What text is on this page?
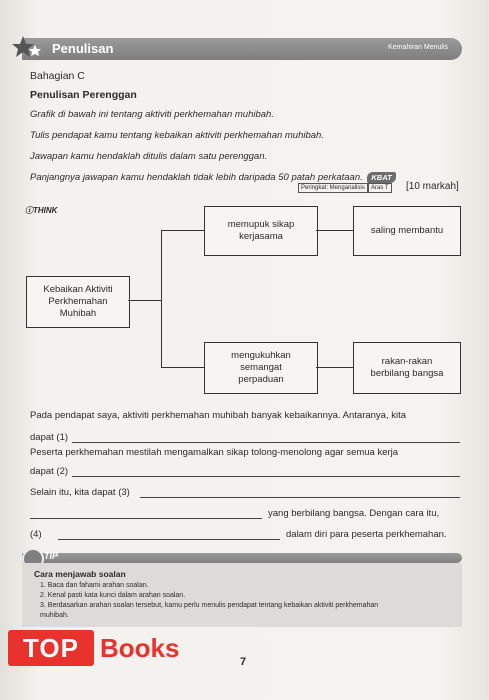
Penulisan	Kemahiran Menulis
Bahagian C
Penulisan Perenggan
Grafik di bawah ini tentang aktiviti perkhemahan muhibah.
Tulis pendapat kamu tentang kebaikan aktiviti perkhemahan muhibah.
Jawapan kamu hendaklah ditulis dalam satu perenggan.
Panjangnya jawapan kamu hendaklah tidak lebih daripada 50 patah perkataan. KBAT
Peringkat: Menganalisis	Aras T	[10 markah]
ⓘTHINK
Kebaikan Aktiviti
Perkhemahan
Muhibah
memupuk sikap
kerjasama
saling membantu
mengukuhkan
semangat
perpaduan
rakan-rakan
berbilang bangsa
Pada pendapat saya, aktiviti perkhemahan muhibah banyak kebaikannya. Antaranya, kita
dapat (1)
Peserta perkhemahan mestilah mengamalkan sikap tolong-menolong agar semua kerja
dapat (2)
Selain itu, kita dapat (3)
yang berbilang bangsa. Dengan cara itu,
(4)	dalam diri para peserta perkhemahan.
TIP
Cara menjawab soalan
1. Baca dan fahami arahan soalan.
2. Kenal pasti kata kunci dalam arahan soalan.
3. Berdasarkan arahan soalan tersebut, kamu perlu menulis pendapat tentang kebaikan aktiviti perkhemahan
muhibah.
7
TOP Books
